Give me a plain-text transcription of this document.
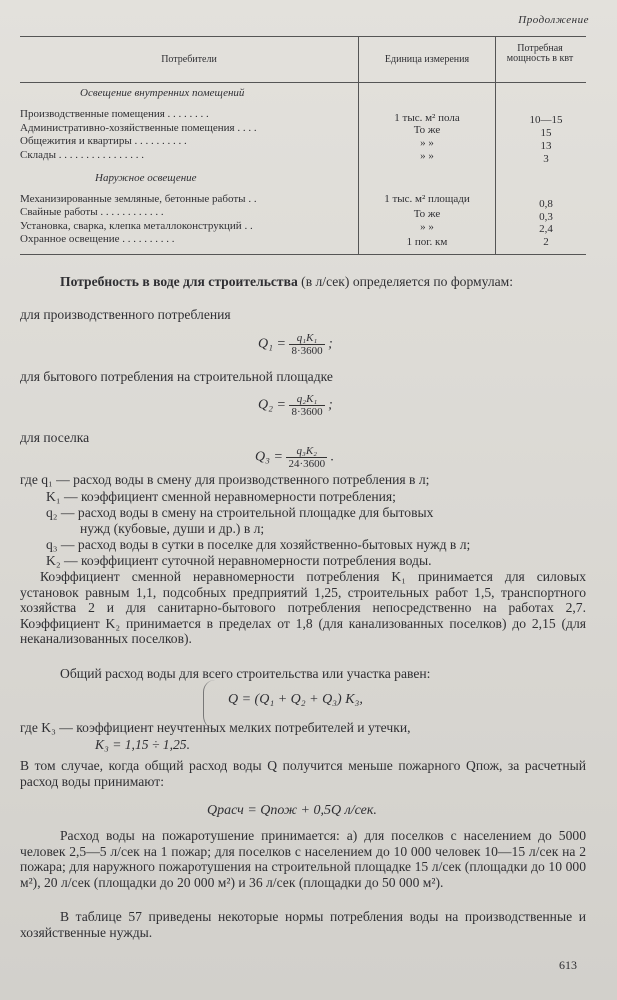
Продолжение
Потребители	Единица измерения
Потребная мощность в квт
Освещение внутренних помещений
Производственные помещения . . . . . . . .	1 тыс. м² пола	10—15
Административно-хозяйственные помещения . . . .	То же	15
Общежития и квартиры . . . . . . . . . .	» »	13
Склады . . . . . . . . . . . . . . . .	» »	3
Наружное освещение
Механизированные земляные, бетонные работы . .	1 тыс. м² площади	0,8
Свайные работы . . . . . . . . . . . .	То же	0,3
Установка, сварка, клепка металлоконструкций . .	» »	2,4
Охранное освещение . . . . . . . . . .	1 пог. км	2
Потребность в воде для строительства (в л/сек) определяется по формулам:
для производственного потребления
$Q_1 = \frac{\text{q₁K₁}}{8\cdot 3600}$ ;
для бытового потребления на строительной площадке
$Q_2 = \frac{\text{q₂K₁}}{8\cdot 3600}$ ;
для поселка
$Q_3 = \frac{\text{q₃K₂}}{24\cdot 3600}$ .
где q₁ — расход воды в смену для производственного потребления в л;
K₁ — коэффициент сменной неравномерности потребления;
q₂ — расход воды в смену на строительной площадке для бытовых
нужд (кубовые, души и др.) в л;
q₃ — расход воды в сутки в поселке для хозяйственно-бытовых нужд в л;
K₂ — коэффициент суточной неравномерности потребления воды.
Коэффициент сменной неравномерности потребления K₁ принимается для силовых установок равным 1,1, подсобных предприятий 1,25, строительных работ 1,5, транспортного хозяйства 2 и для санитарно-бытового потребления непосредственно на работах 2,7. Коэффициент K₂ принимается в пределах от 1,8 (для канализованных поселков) до 2,15 (для неканализованных поселков).
Общий расход воды для всего строительства или участка равен:
Q = (Q₁ + Q₂ + Q₃) K₃,
где K₃ — коэффициент неучтенных мелких потребителей и утечки,
K₃ = 1,15 ÷ 1,25.
В том случае, когда общий расход воды Q получится меньше пожарного Qпож, за расчетный расход воды принимают:
Qрасч = Qпож + 0,5Q л/сек.
Расход воды на пожаротушение принимается: а) для поселков с населением до 5000 человек 2,5—5 л/сек на 1 пожар; для поселков с населением до 10 000 человек 10—15 л/сек на 2 пожара; для наружного пожаротушения на строительной площадке 15 л/сек (площадки до 10 000 м²), 20 л/сек (площадки до 20 000 м²) и 36 л/сек (площадки до 50 000 м²).
В таблице 57 приведены некоторые нормы потребления воды на производственные и хозяйственные нужды.
613
